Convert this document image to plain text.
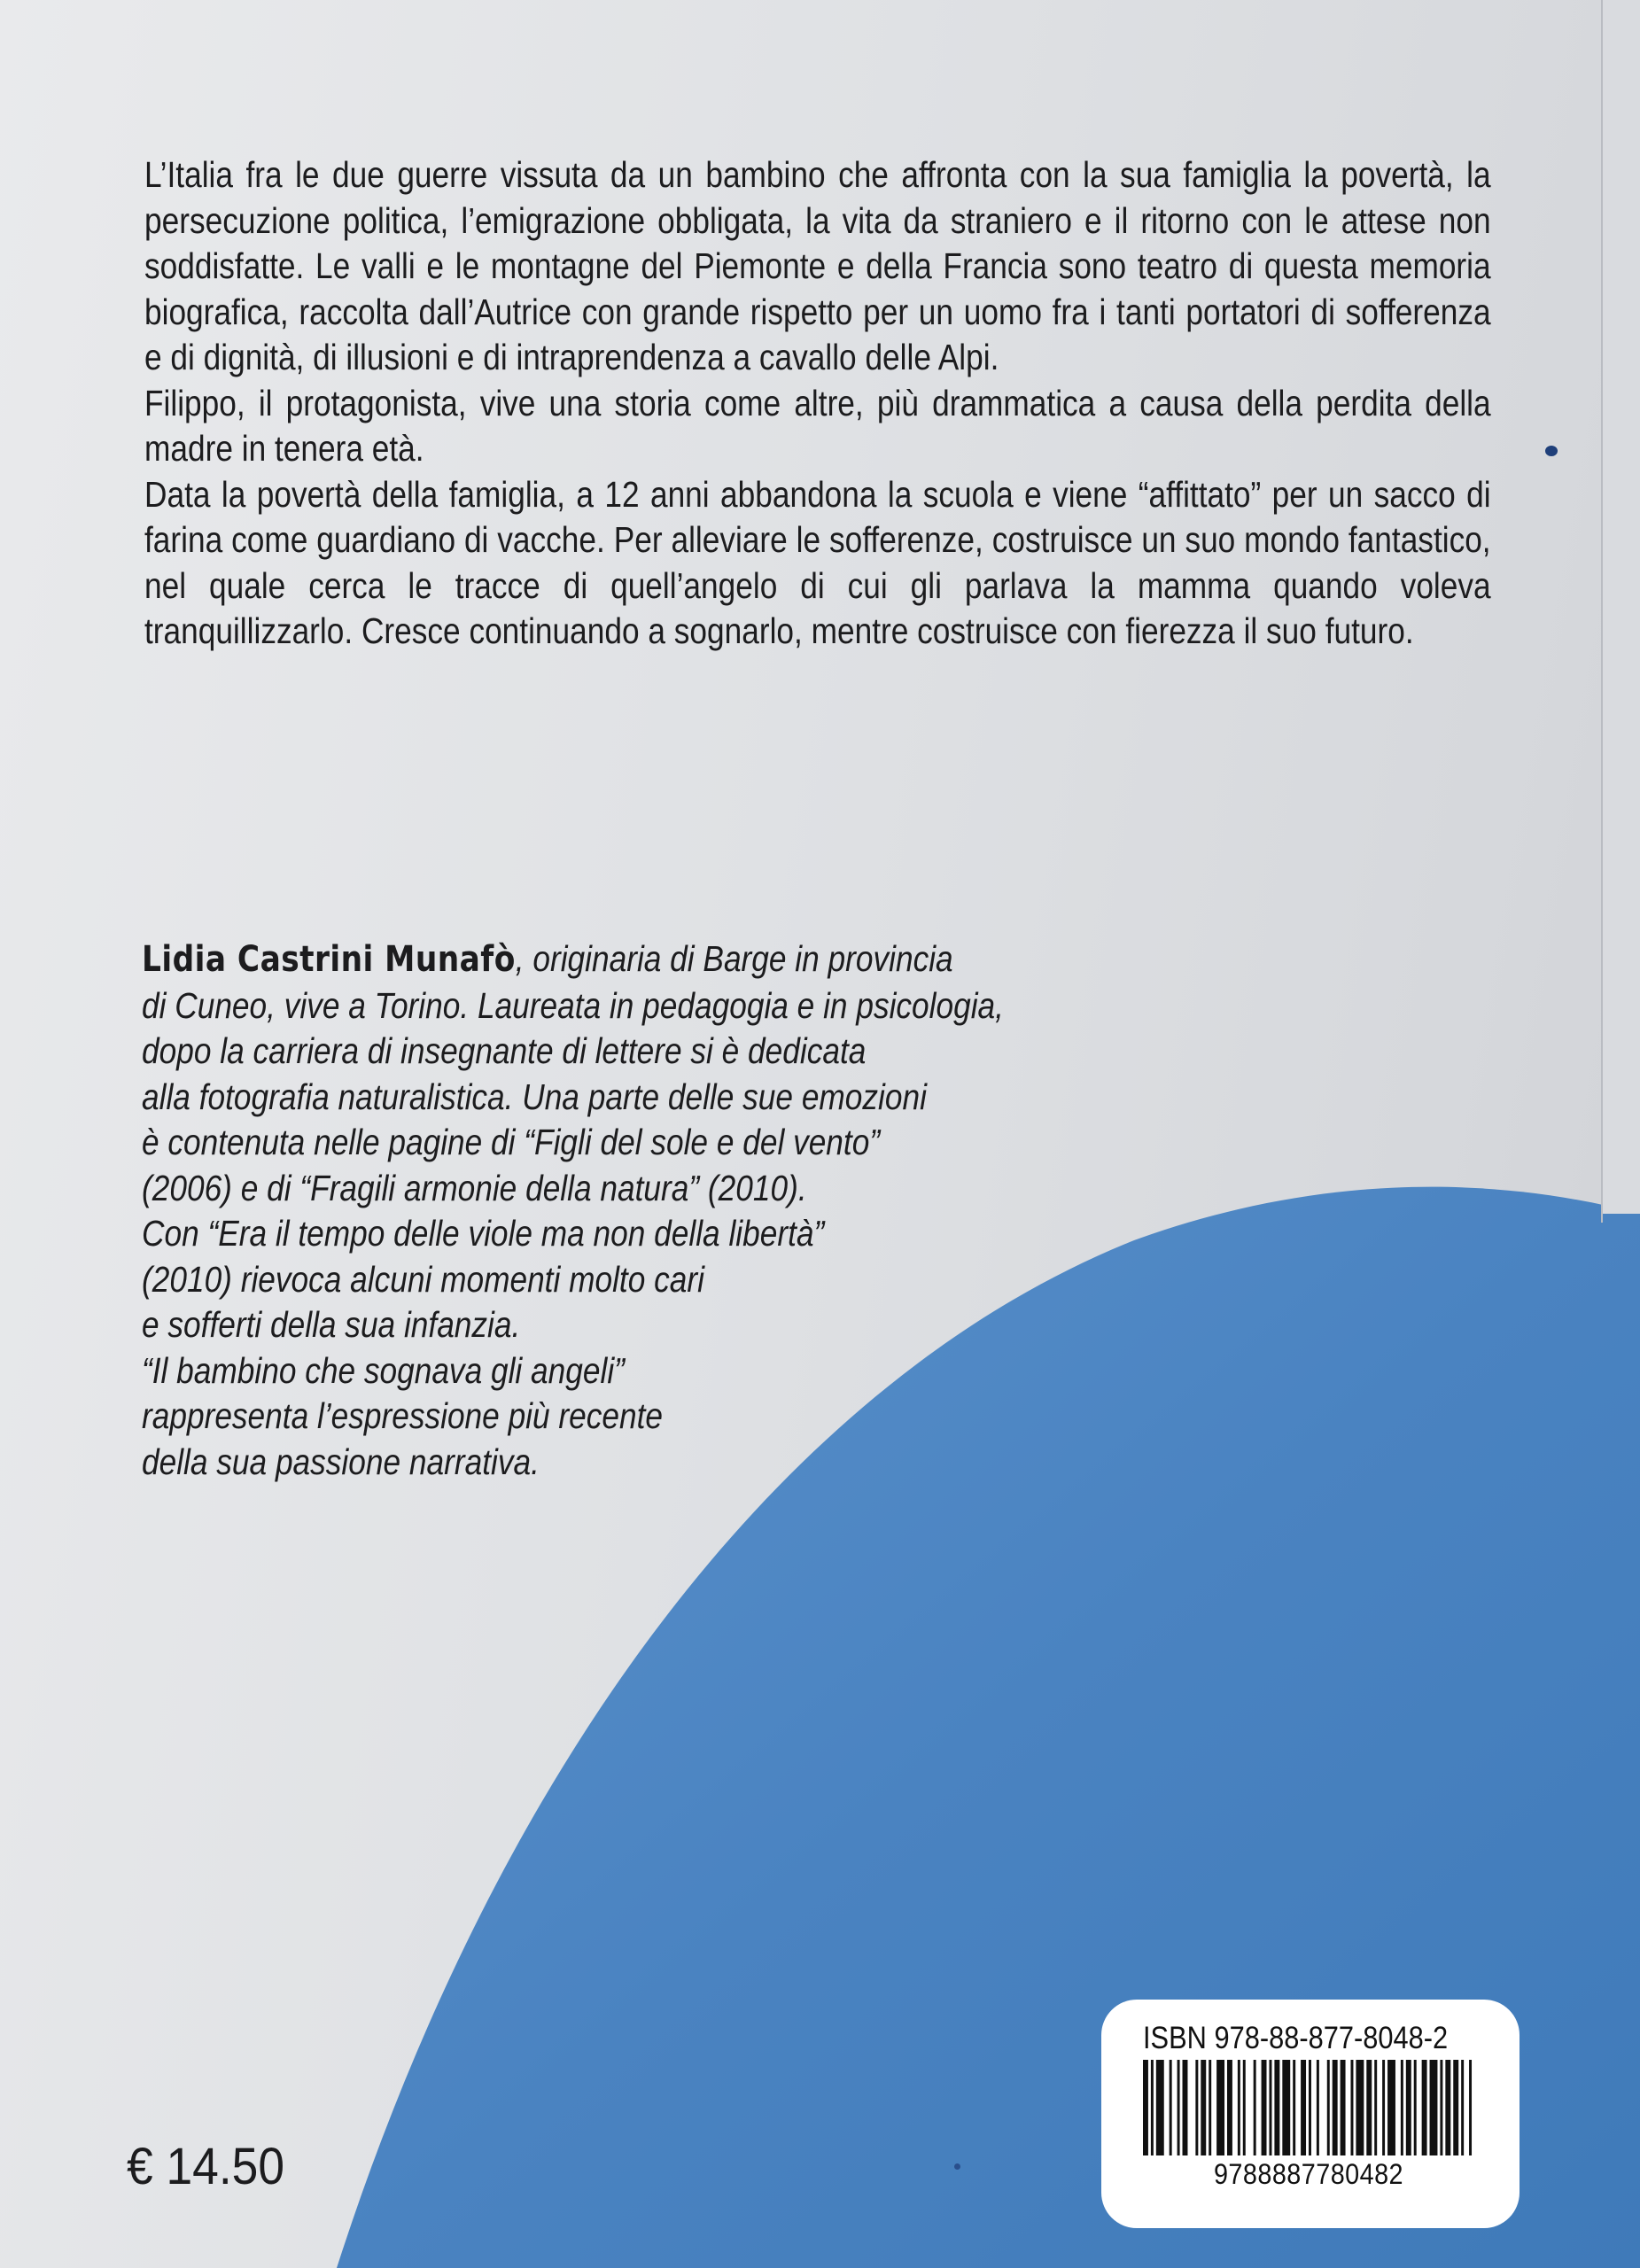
L’Italia fra le due guerre vissuta da un bambino che affronta con la sua famiglia la povertà, la persecuzione politica, l’emigrazione obbligata, la vita da straniero e il ritorno con le attese non soddisfatte. Le valli e le montagne del Piemonte e della Francia sono teatro di questa memoria biografica, raccolta dall’Autrice con grande rispetto per un uomo fra i tanti portatori di sofferenza e di dignità, di illusioni e di intraprendenza a cavallo delle Alpi.

Filippo, il protagonista, vive una storia come altre, più drammatica a causa della perdita della madre in tenera età.

Data la povertà della famiglia, a 12 anni abbandona la scuola e viene “affittato” per un sacco di farina come guardiano di vacche. Per alleviare le sofferenze, costruisce un suo mondo fantastico, nel quale cerca le tracce di quell’angelo di cui gli parlava la mamma quando voleva tranquillizzarlo. Cresce continuando a sognarlo, mentre costruisce con fierezza il suo futuro.

Lidia Castrini Munafò, originaria di Barge in provincia
di Cuneo, vive a Torino. Laureata in pedagogia e in psicologia,
dopo la carriera di insegnante di lettere si è dedicata
alla fotografia naturalistica. Una parte delle sue emozioni
è contenuta nelle pagine di “Figli del sole e del vento”
(2006) e di “Fragili armonie della natura” (2010).
Con “Era il tempo delle viole ma non della libertà”
(2010) rievoca alcuni momenti molto cari
e sofferti della sua infanzia.
“Il bambino che sognava gli angeli”
rappresenta l’espressione più recente
della sua passione narrativa.
€ 14.50
ISBN 978-88-877-8048-2
9788887780482
